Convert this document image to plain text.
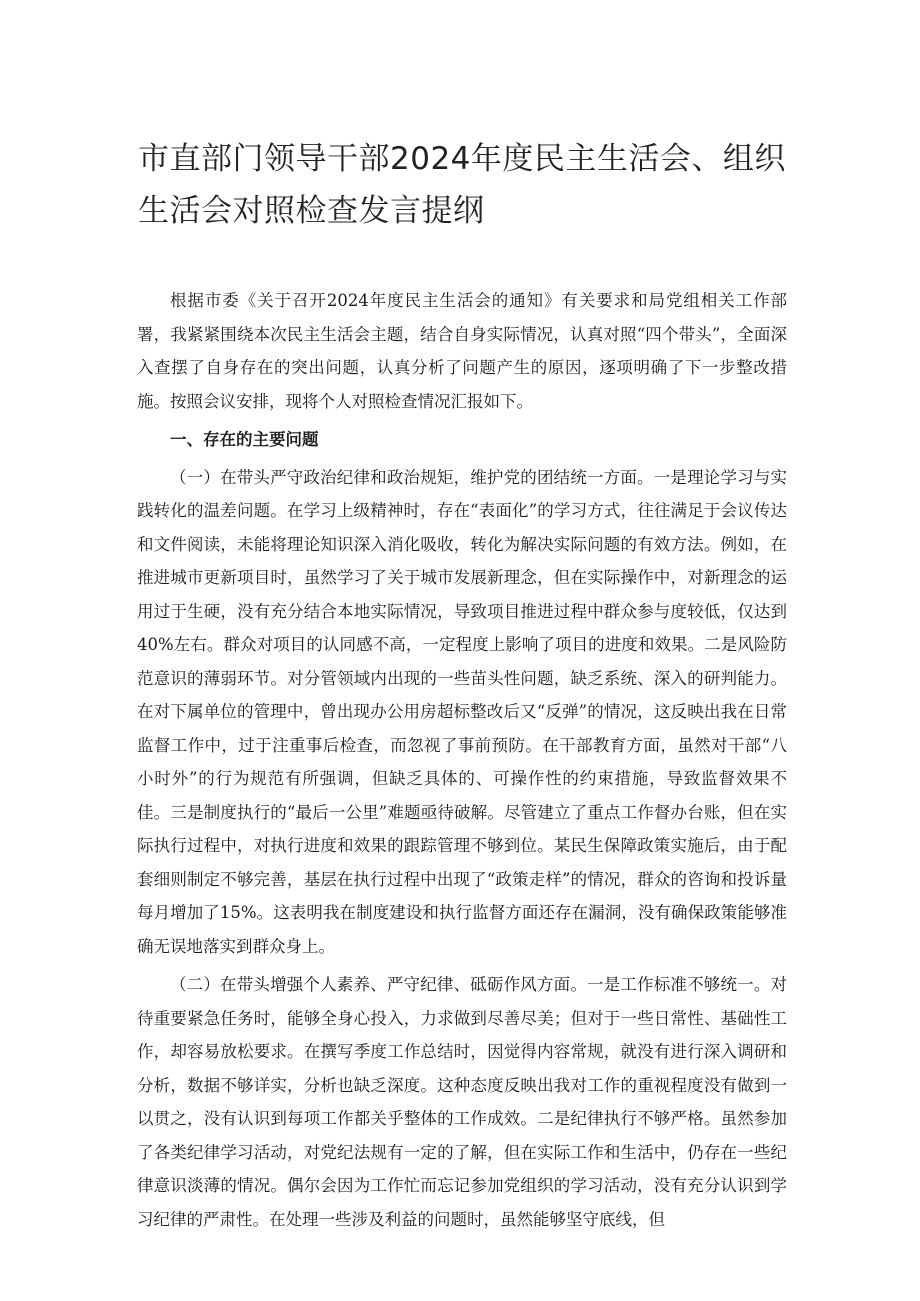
市直部门领导干部2024年度民主生活会、组织生活会对照检查发言提纲

根据市委《关于召开2024年度民主生活会的通知》有关要求和局党组相关工作部署，我紧紧围绕本次民主生活会主题，结合自身实际情况，认真对照“四个带头”，全面深入查摆了自身存在的突出问题，认真分析了问题产生的原因，逐项明确了下一步整改措施。按照会议安排，现将个人对照检查情况汇报如下。

一、存在的主要问题

（一）在带头严守政治纪律和政治规矩，维护党的团结统一方面。一是理论学习与实践转化的温差问题。在学习上级精神时，存在“表面化”的学习方式，往往满足于会议传达和文件阅读，未能将理论知识深入消化吸收，转化为解决实际问题的有效方法。例如，在推进城市更新项目时，虽然学习了关于城市发展新理念，但在实际操作中，对新理念的运用过于生硬，没有充分结合本地实际情况，导致项目推进过程中群众参与度较低，仅达到40%左右。群众对项目的认同感不高，一定程度上影响了项目的进度和效果。二是风险防范意识的薄弱环节。对分管领域内出现的一些苗头性问题，缺乏系统、深入的研判能力。在对下属单位的管理中，曾出现办公用房超标整改后又“反弹”的情况，这反映出我在日常监督工作中，过于注重事后检查，而忽视了事前预防。在干部教育方面，虽然对干部“八小时外”的行为规范有所强调，但缺乏具体的、可操作性的约束措施，导致监督效果不佳。三是制度执行的“最后一公里”难题亟待破解。尽管建立了重点工作督办台账，但在实际执行过程中，对执行进度和效果的跟踪管理不够到位。某民生保障政策实施后，由于配套细则制定不够完善，基层在执行过程中出现了“政策走样”的情况，群众的咨询和投诉量每月增加了15%。这表明我在制度建设和执行监督方面还存在漏洞，没有确保政策能够准确无误地落实到群众身上。

（二）在带头增强个人素养、严守纪律、砥砺作风方面。一是工作标准不够统一。对待重要紧急任务时，能够全身心投入，力求做到尽善尽美；但对于一些日常性、基础性工作，却容易放松要求。在撰写季度工作总结时，因觉得内容常规，就没有进行深入调研和分析，数据不够详实，分析也缺乏深度。这种态度反映出我对工作的重视程度没有做到一以贯之，没有认识到每项工作都关乎整体的工作成效。二是纪律执行不够严格。虽然参加了各类纪律学习活动，对党纪法规有一定的了解，但在实际工作和生活中，仍存在一些纪律意识淡薄的情况。偶尔会因为工作忙而忘记参加党组织的学习活动，没有充分认识到学习纪律的严肃性。在处理一些涉及利益的问题时，虽然能够坚守底线，但
